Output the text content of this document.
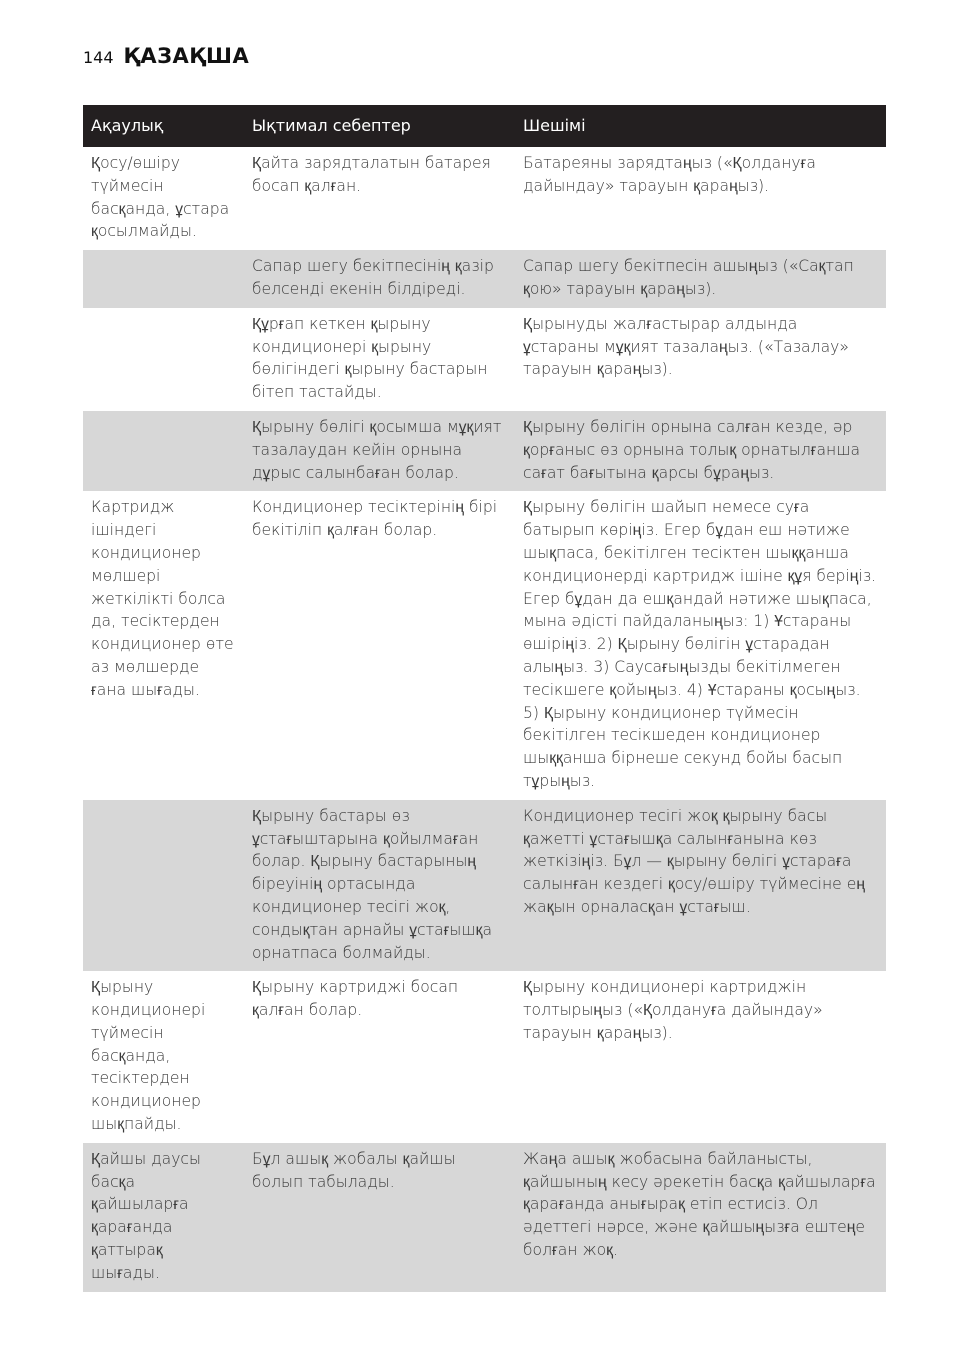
144 ҚАЗАҚША
Ақаулық	Ықтимал себептер	Шешімі
Қосу/өшіру түймесін басқанда, ұстара қосылмайды.	Қайта зарядталатын батарея босап қалған.	Батареяны зарядтаңыз («Қолдануға дайындау» тарауын қараңыз).
	Сапар шегу бекітпесінің қазір белсенді екенін білдіреді.	Сапар шегу бекітпесін ашыңыз («Сақтап қою» тарауын қараңыз).
	Құрғап кеткен қырыну кондиционері қырыну бөлігіндегі қырыну бастарын бітеп тастайды.	Қырынуды жалғастырар алдында ұстараны мұқият тазалаңыз. («Тазалау» тарауын қараңыз).
	Қырыну бөлігі қосымша мұқият тазалаудан кейін орнына дұрыс салынбаған болар.	Қырыну бөлігін орнына салған кезде, әр қорғаныс өз орнына толық орнатылғанша сағат бағытына қарсы бұраңыз.
Картридж ішіндегі кондиционер мөлшері жеткілікті болса да, тесіктерден кондиционер өте аз мөлшерде ғана шығады.	Кондиционер тесіктерінің бірі бекітіліп қалған болар.	Қырыну бөлігін шайып немесе суға батырып көріңіз. Егер бұдан еш нәтиже шықпаса, бекітілген тесіктен шыққанша кондиционерді картридж ішіне құя беріңіз. Егер бұдан да ешқандай нәтиже шықпаса, мына әдісті пайдаланыңыз: 1) Ұстараны өшіріңіз. 2) Қырыну бөлігін ұстарадан алыңыз. 3) Саусағыңызды бекітілмеген тесікшеге қойыңыз. 4) Ұстараны қосыңыз. 5) Қырыну кондиционер түймесін бекітілген тесікшеден кондиционер шыққанша бірнеше секунд бойы басып тұрыңыз.
	Қырыну бастары өз ұстағыштарына қойылмаған болар. Қырыну бастарының біреуінің ортасында кондиционер тесігі жоқ, сондықтан арнайы ұстағышқа орнатпаса болмайды.	Кондиционер тесігі жоқ қырыну басы қажетті ұстағышқа салынғанына көз жеткізіңіз. Бұл — қырыну бөлігі ұстараға салынған кездегі қосу/өшіру түймесіне ең жақын орналасқан ұстағыш.
Қырыну кондиционері түймесін басқанда, тесіктерден кондиционер шықпайды.	Қырыну картриджі босап қалған болар.	Қырыну кондиционері картриджін толтырыңыз («Қолдануға дайындау» тарауын қараңыз).
Қайшы даусы басқа қайшыларға қарағанда қаттырақ шығады.	Бұл ашық жобалы қайшы болып табылады.	Жаңа ашық жобасына байланысты, қайшының кесу әрекетін басқа қайшыларға қарағанда анығырақ етіп естисіз. Ол әдеттегі нәрсе, және қайшыңызға ештеңе болған жоқ.
